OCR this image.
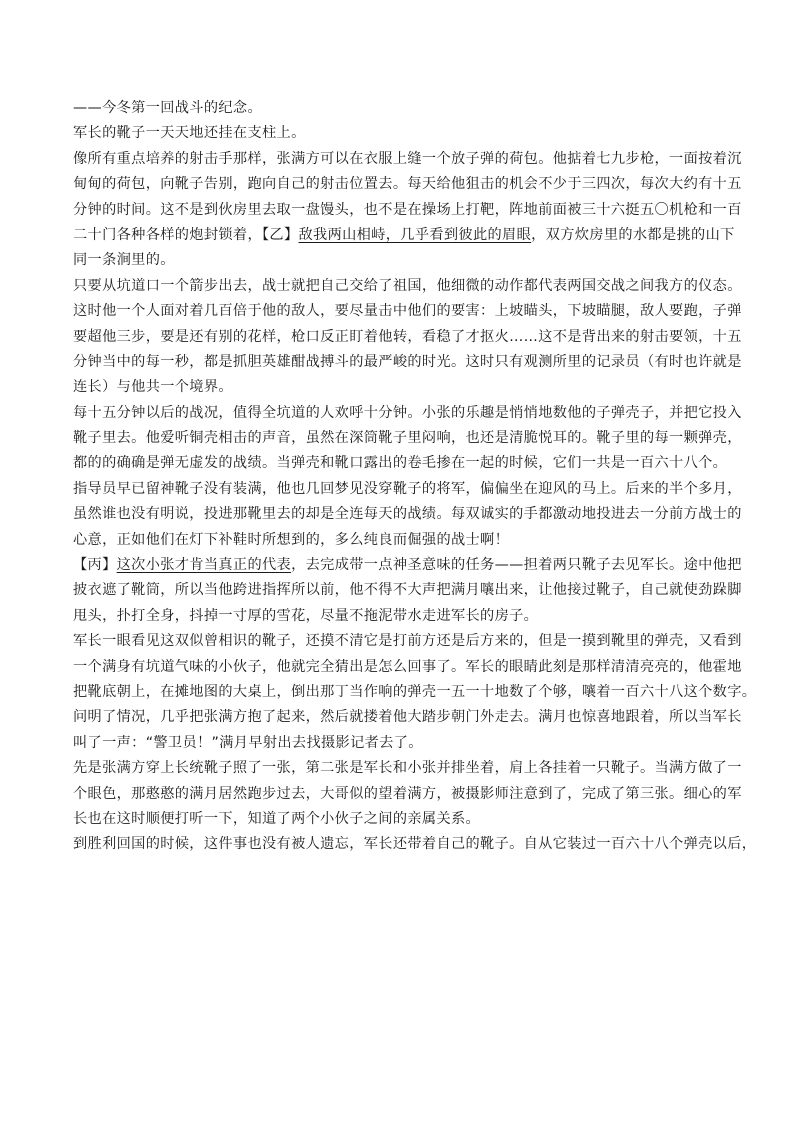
——今冬第一回战斗的纪念。
军长的靴子一天天地还挂在支柱上。
像所有重点培养的射击手那样，张满方可以在衣服上缝一个放子弹的荷包。他掂着七九步枪，一面按着沉
甸甸的荷包，向靴子告别，跑向自己的射击位置去。每天给他狙击的机会不少于三四次，每次大约有十五
分钟的时间。这不是到伙房里去取一盘馒头，也不是在操场上打靶，阵地前面被三十六挺五〇机枪和一百
二十门各种各样的炮封锁着，【乙】敌我两山相峙，几乎看到彼此的眉眼，双方炊房里的水都是挑的山下
同一条涧里的。
只要从坑道口一个箭步出去，战士就把自己交给了祖国，他细微的动作都代表两国交战之间我方的仪态。
这时他一个人面对着几百倍于他的敌人，要尽量击中他们的要害：上坡瞄头，下坡瞄腿，敌人要跑，子弹
要超他三步，要是还有别的花样，枪口反正盯着他转，看稳了才抠火……这不是背出来的射击要领，十五
分钟当中的每一秒，都是抓胆英雄酣战搏斗的最严峻的时光。这时只有观测所里的记录员（有时也许就是
连长）与他共一个境界。
每十五分钟以后的战况，值得全坑道的人欢呼十分钟。小张的乐趣是悄悄地数他的子弹壳子，并把它投入
靴子里去。他爱听铜壳相击的声音，虽然在深筒靴子里闷响，也还是清脆悦耳的。靴子里的每一颗弹壳，
都的的确确是弹无虚发的战绩。当弹壳和靴口露出的卷毛掺在一起的时候，它们一共是一百六十八个。
指导员早已留神靴子没有装满，他也几回梦见没穿靴子的将军，偏偏坐在迎风的马上。后来的半个多月，
虽然谁也没有明说，投进那靴里去的却是全连每天的战绩。每双诚实的手都激动地投进去一分前方战士的
心意，正如他们在灯下补鞋时所想到的，多么纯良而倔强的战士啊！
【丙】这次小张才肯当真正的代表，去完成带一点神圣意味的任务——担着两只靴子去见军长。途中他把
披衣遮了靴筒，所以当他跨进指挥所以前，他不得不大声把满月嚷出来，让他接过靴子，自己就使劲跺脚
甩头，扑打全身，抖掉一寸厚的雪花，尽量不拖泥带水走进军长的房子。
军长一眼看见这双似曾相识的靴子，还摸不清它是打前方还是后方来的，但是一摸到靴里的弹壳，又看到
一个满身有坑道气味的小伙子，他就完全猜出是怎么回事了。军长的眼睛此刻是那样清清亮亮的，他霍地
把靴底朝上，在摊地图的大桌上，倒出那丁当作响的弹壳一五一十地数了个够，嚷着一百六十八这个数字。
问明了情况，几乎把张满方抱了起来，然后就搂着他大踏步朝门外走去。满月也惊喜地跟着，所以当军长
叫了一声：“警卫员！”满月早射出去找摄影记者去了。
先是张满方穿上长统靴子照了一张，第二张是军长和小张并排坐着，肩上各挂着一只靴子。当满方做了一
个眼色，那憨憨的满月居然跑步过去，大哥似的望着满方，被摄影师注意到了，完成了第三张。细心的军
长也在这时顺便打听一下，知道了两个小伙子之间的亲属关系。
到胜利回国的时候，这件事也没有被人遗忘，军长还带着自己的靴子。自从它装过一百六十八个弹壳以后，
